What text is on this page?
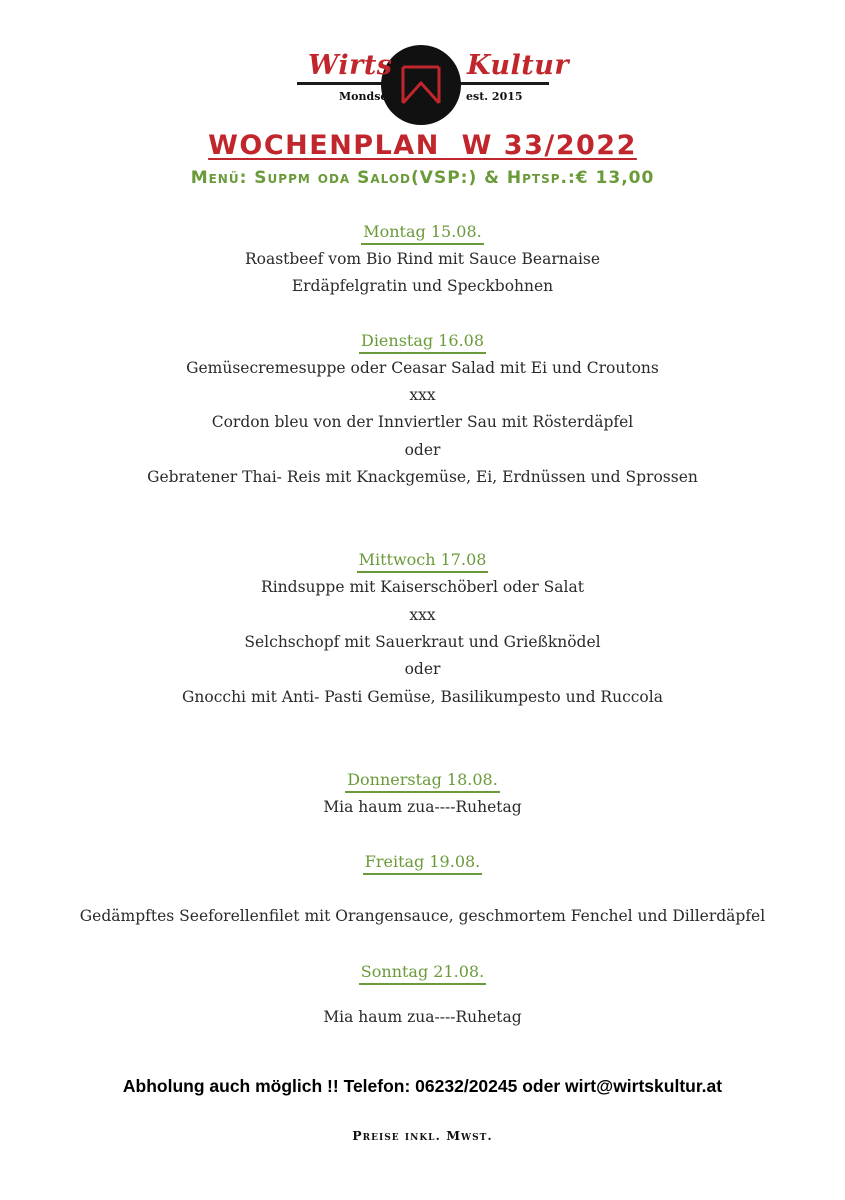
Wirts	Kultur
Mondsee	est. 2015
WOCHENPLAN  W 33/2022
Menü: Suppm oda Salod(VSP:) & Hptsp.:€ 13,00
Montag 15.08.
Roastbeef vom Bio Rind mit Sauce Bearnaise
Erdäpfelgratin und Speckbohnen
Dienstag 16.08
Gemüsecremesuppe oder Ceasar Salad mit Ei und Croutons
xxx
Cordon bleu von der Innviertler Sau mit Rösterdäpfel
oder
Gebratener Thai- Reis mit Knackgemüse, Ei, Erdnüssen und Sprossen
Mittwoch 17.08
Rindsuppe mit Kaiserschöberl oder Salat
xxx
Selchschopf mit Sauerkraut und Grießknödel
oder
Gnocchi mit Anti- Pasti Gemüse, Basilikumpesto und Ruccola
Donnerstag 18.08.
Mia haum zua----Ruhetag
Freitag 19.08.
Gedämpftes Seeforellenfilet mit Orangensauce, geschmortem Fenchel und Dillerdäpfel
Sonntag 21.08.
Mia haum zua----Ruhetag
Abholung auch möglich !! Telefon: 06232/20245 oder wirt@wirtskultur.at
Preise inkl. Mwst.
